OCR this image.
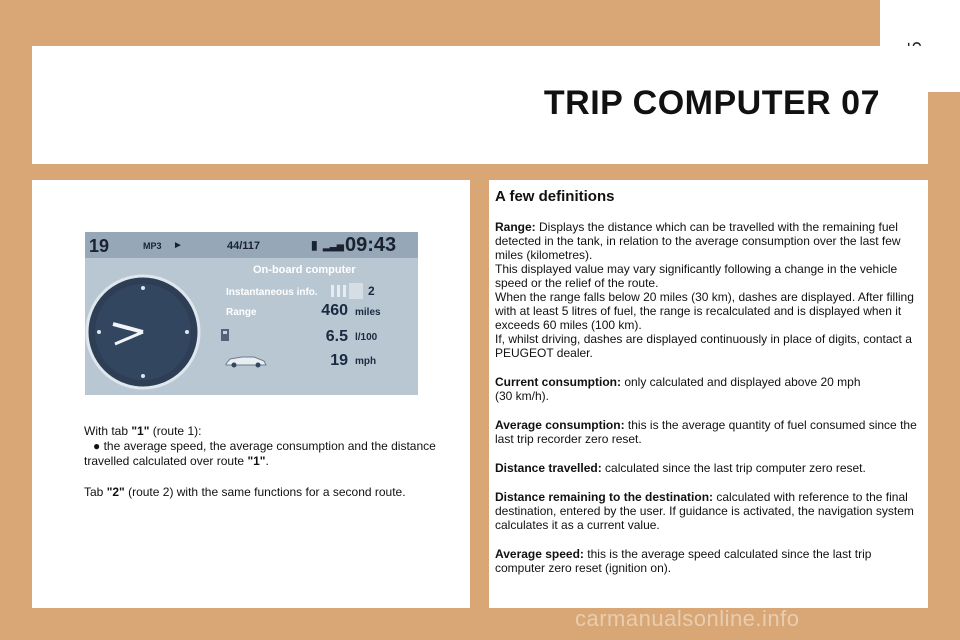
TRIP COMPUTER 07
19	MP3 ►	44/117	▮ ▂▃▅ 09:43
On-board computer
Instantaneous info.
Range
2
460 miles
6.5 l/100
19 mph

With tab "1" (route 1):
● the average speed, the average consumption and the distance travelled calculated over route "1".

Tab "2" (route 2) with the same functions for a second route.

A few definitions

Range: Displays the distance which can be travelled with the remaining fuel detected in the tank, in relation to the average consumption over the last few miles (kilometres).
This displayed value may vary significantly following a change in the vehicle speed or the relief of the route.
When the range falls below 20 miles (30 km), dashes are displayed. After filling with at least 5 litres of fuel, the range is recalculated and is displayed when it exceeds 60 miles (100 km).
If, whilst driving, dashes are displayed continuously in place of digits, contact a PEUGEOT dealer.

Current consumption: only calculated and displayed above 20 mph
(30 km/h).

Average consumption: this is the average quantity of fuel consumed since the last trip recorder zero reset.

Distance travelled: calculated since the last trip computer zero reset.

Distance remaining to the destination: calculated with reference to the final destination, entered by the user. If guidance is activated, the navigation system calculates it as a current value.

Average speed: this is the average speed calculated since the last trip computer zero reset (ignition on).

carmanualsonline.info
